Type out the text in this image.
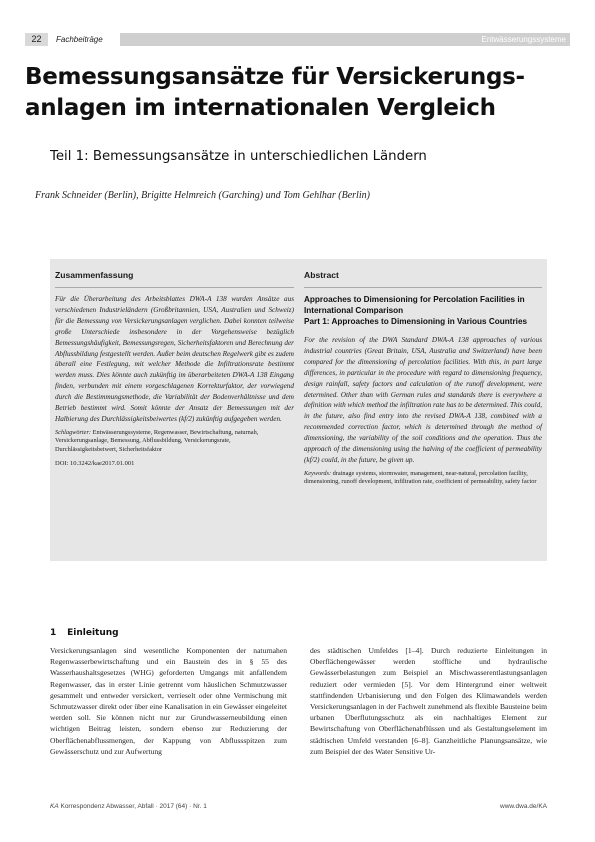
22	Fachbeiträge	Entwässerungssysteme
Bemessungsansätze für Versickerungs-
anlagen im internationalen Vergleich
Teil 1: Bemessungsansätze in unterschiedlichen Ländern
Frank Schneider (Berlin), Brigitte Helmreich (Garching) und Tom Gehlhar (Berlin)
Zusammenfassung
Für die Überarbeitung des Arbeitsblattes DWA-A 138 wurden Ansätze aus verschiedenen Industrieländern (Großbritannien, USA, Australien und Schweiz) für die Bemessung von Versickerungsanlagen verglichen. Dabei konnten teilweise große Unterschiede insbesondere in der Vorgehensweise bezüglich Bemessungshäufigkeit, Bemessungsregen, Sicherheitsfaktoren und Berechnung der Abflussbildung festgestellt werden. Außer beim deutschen Regelwerk gibt es zudem überall eine Festlegung, mit welcher Methode die Infiltrationsrate bestimmt werden muss. Dies könnte auch zukünftig im überarbeiteten DWA-A 138 Eingang finden, verbunden mit einem vorgeschlagenen Korrekturfaktor, der vorwiegend durch die Bestimmungsmethode, die Variabilität der Bodenverhältnisse und dem Betrieb bestimmt wird. Somit könnte der Ansatz der Bemessungen mit der Halbierung des Durchlässigkeitsbeiwertes (kf/2) zukünftig aufgegeben werden.
Schlagwörter: Entwässerungssysteme, Regenwasser, Bewirtschaftung, naturnah, Versickerungsanlage, Bemessung, Abflussbildung, Versickerungsrate, Durchlässigkeitsbeiwert, Sicherheitsfaktor
DOI: 10.3242/kae2017.01.001
Abstract
Approaches to Dimensioning for Percolation Facilities in International Comparison
Part 1: Approaches to Dimensioning in Various Countries
For the revision of the DWA Standard DWA-A 138 approaches of various industrial countries (Great Britain, USA, Australia and Switzerland) have been compared for the dimensioning of percolation facilities. With this, in part large differences, in particular in the procedure with regard to dimensioning frequency, design rainfall, safety factors and calculation of the runoff development, were determined. Other than with German rules and standards there is everywhere a definition with which method the infiltration rate has to be determined. This could, in the future, also find entry into the revised DWA-A 138, combined with a recommended correction factor, which is determined through the method of dimensioning, the variability of the soil conditions and the operation. Thus the approach of the dimensioning using the halving of the coefficient of permeability (kf/2) could, in the future, be given up.
Keywords: drainage systems, stormwater, management, near-natural, percolation facility, dimensioning, runoff development, infiltration rate, coefficient of permeability, safety factor
1 Einleitung
Versickerungsanlagen sind wesentliche Komponenten der naturnahen Regenwasserbewirtschaftung und ein Baustein des in § 55 des Wasserhaushaltsgesetzes (WHG) geforderten Umgangs mit anfallendem Regenwasser, das in erster Linie getrennt vom häuslichen Schmutzwasser gesammelt und entweder versickert, verrieselt oder ohne Vermischung mit Schmutzwasser direkt oder über eine Kanalisation in ein Gewässer eingeleitet werden soll. Sie können nicht nur zur Grundwasserneubildung einen wichtigen Beitrag leisten, sondern ebenso zur Reduzierung der Oberflächenabflussmengen, der Kappung von Abflussspitzen zum Gewässerschutz und zur Aufwertung
des städtischen Umfeldes [1–4]. Durch reduzierte Einleitungen in Oberflächengewässer werden stoffliche und hydraulische Gewässerbelastungen zum Beispiel an Mischwasserentlastungsanlagen reduziert oder vermieden [5]. Vor dem Hintergrund einer weltweit stattfindenden Urbanisierung und den Folgen des Klimawandels werden Versickerungsanlagen in der Fachwelt zunehmend als flexible Bausteine beim urbanen Überflutungsschutz als ein nachhaltiges Element zur Bewirtschaftung von Oberflächenabflüssen und als Gestaltungselement im städtischen Umfeld verstanden [6–8]. Ganzheitliche Planungsansätze, wie zum Beispiel der des Water Sensitive Ur-
KA Korrespondenz Abwasser, Abfall · 2017 (64) · Nr. 1	www.dwa.de/KA
